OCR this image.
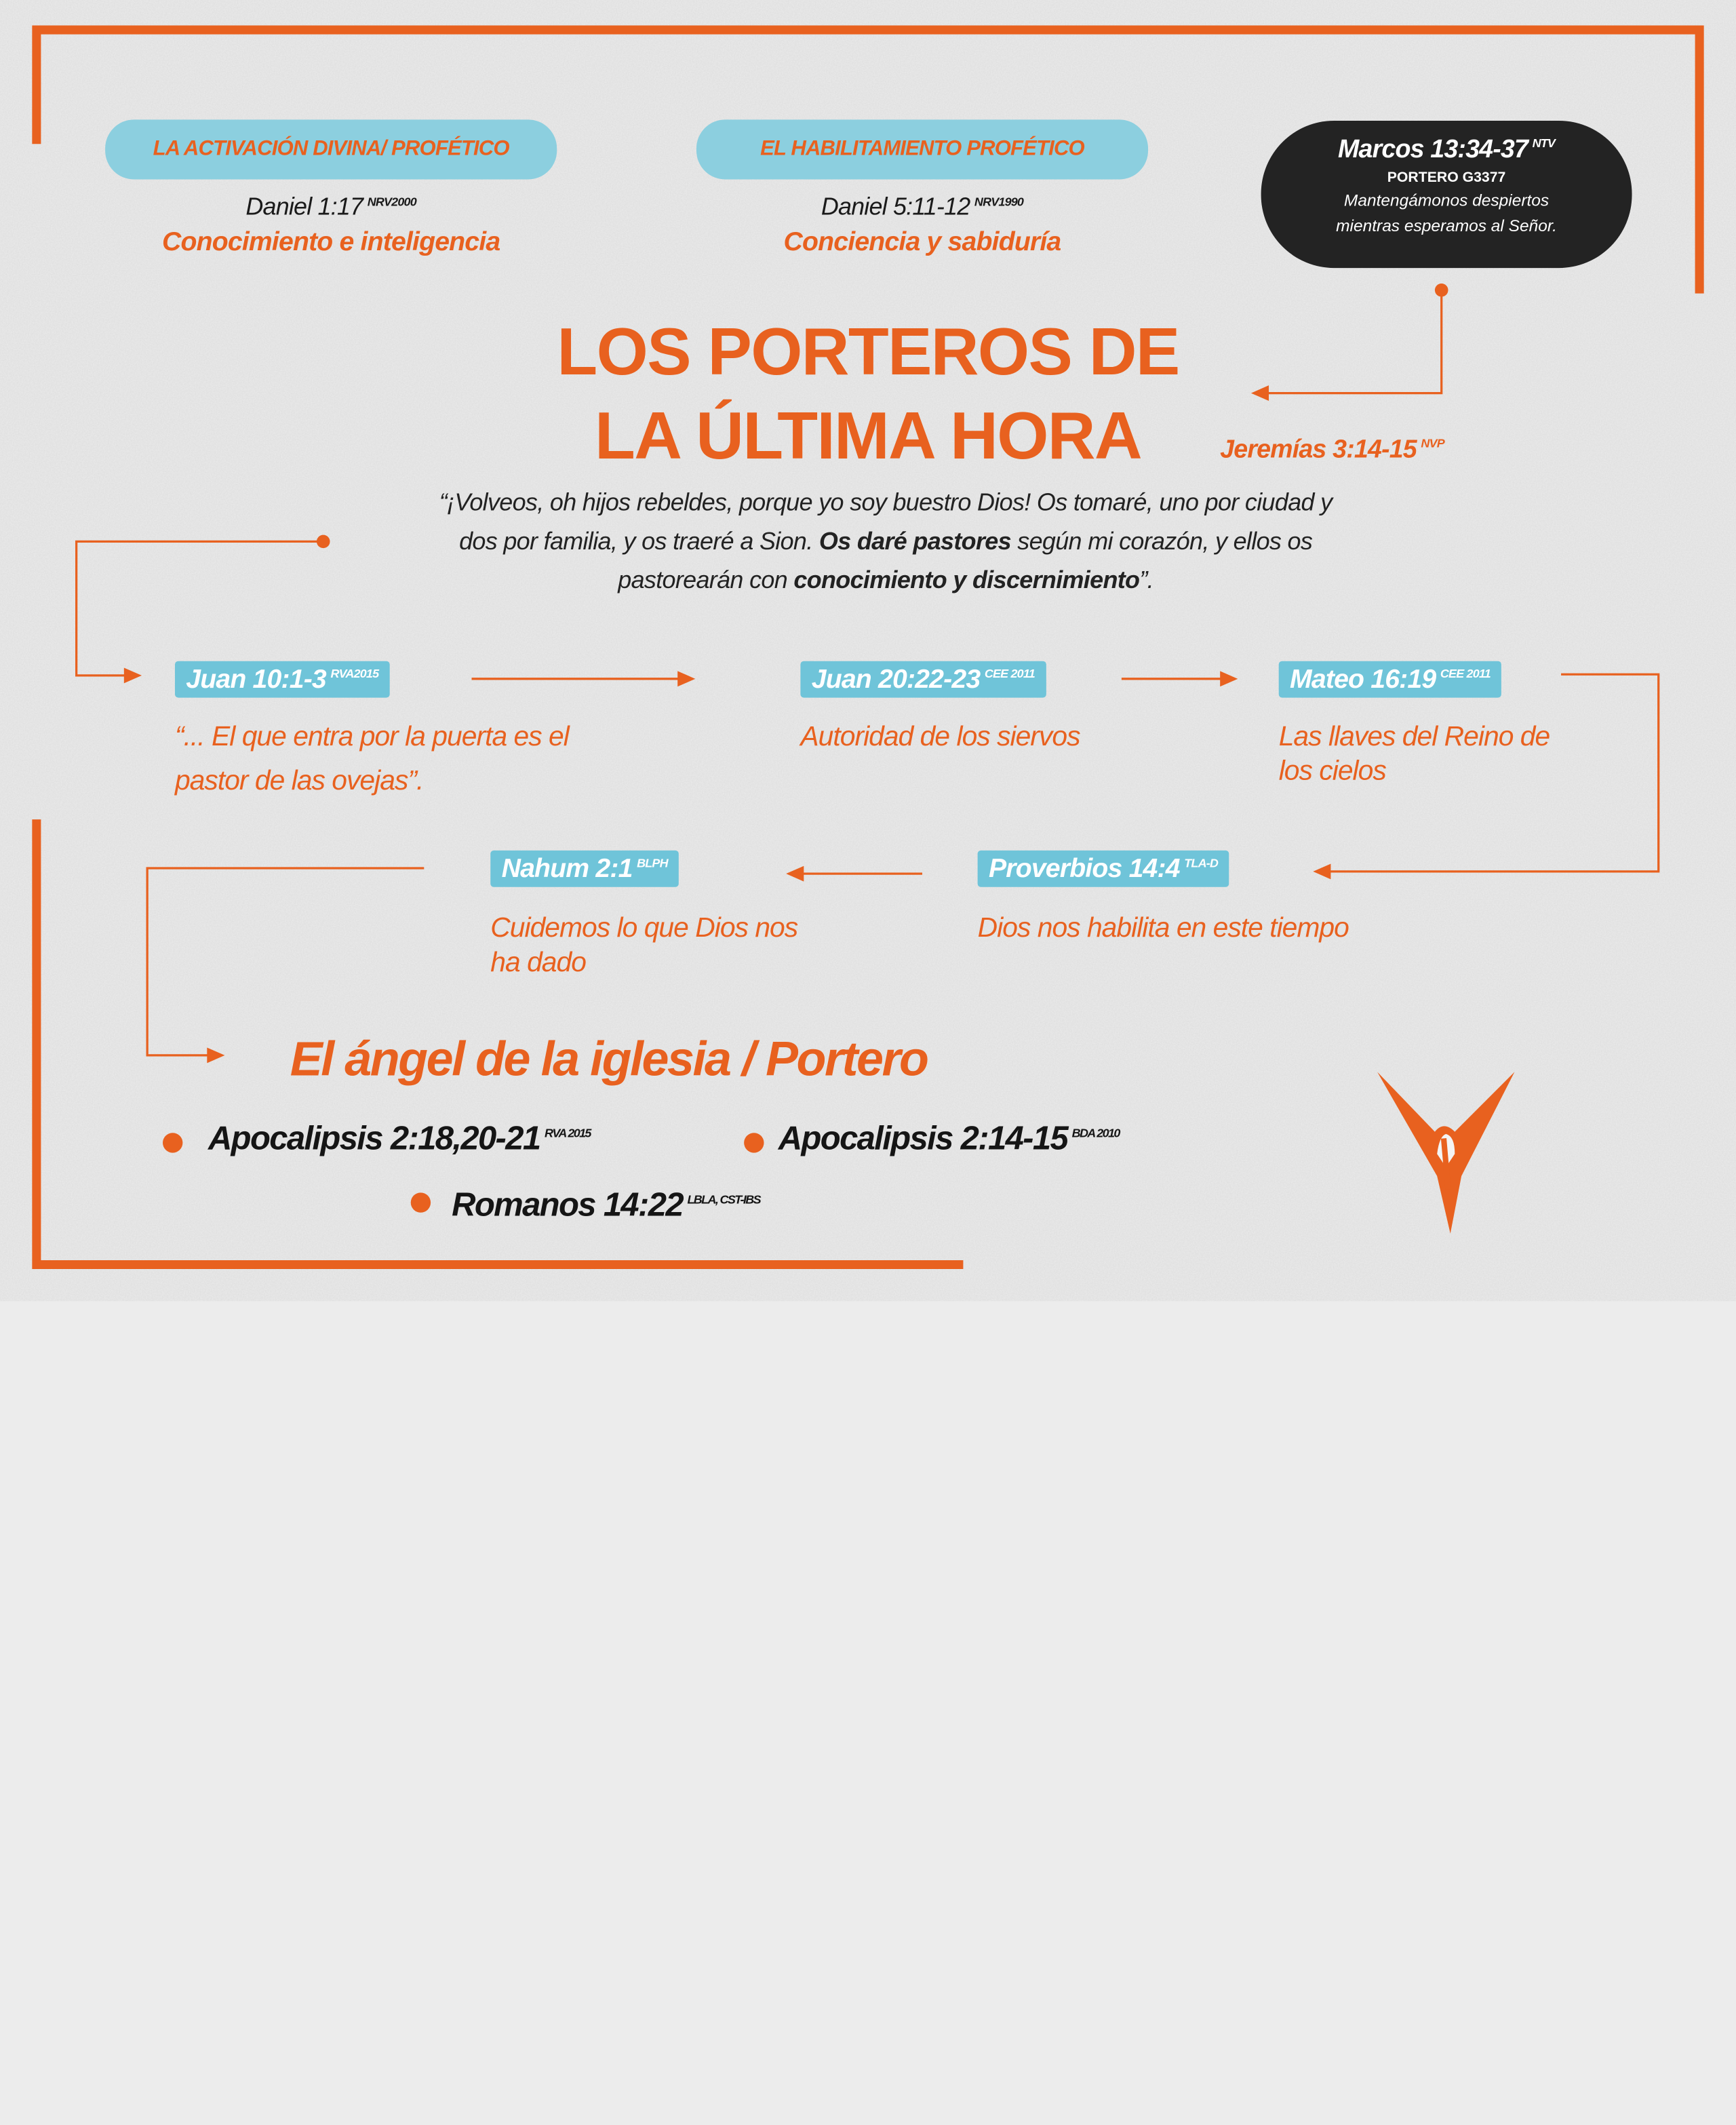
LA ACTIVACIÓN DIVINA/ PROFÉTICO
Daniel 1:17 $^{NRV2000}$
Conocimiento e inteligencia
EL HABILITAMIENTO PROFÉTICO
Daniel 5:11-12 $^{NRV1990}$
Conciencia y sabiduría
Marcos 13:34-37 $^{NTV}$
PORTERO G3377
Mantengámonos despiertos
mientras esperamos al Señor.
LOS PORTEROS DE
LA ÚLTIMA HORA	Jeremías 3:14-15 $^{NVP}$
“¡Volveos, oh hijos rebeldes, porque yo soy buestro Dios! Os tomaré, uno por ciudad y
dos por familia, y os traeré a Sion. Os daré pastores según mi corazón, y ellos os
pastorearán con conocimiento y discernimiento”.
Juan 10:1-3 $^{RVA2015}$
“... El que entra por la puerta es el
pastor de las ovejas”.
Juan 20:22-23 $^{CEE 2011}$
Autoridad de los siervos
Mateo 16:19 $^{CEE 2011}$
Las llaves del Reino de
los cielos
Proverbios 14:4 $^{TLA-D}$
Dios nos habilita en este tiempo
Nahum 2:1 $^{BLPH}$
Cuidemos lo que Dios nos
ha dado
El ángel de la iglesia / Portero
Apocalipsis 2:18,20-21 $^{RVA 2015}$	Apocalipsis 2:14-15 $^{BDA 2010}$
Romanos 14:22 $^{LBLA, CST-IBS}$
